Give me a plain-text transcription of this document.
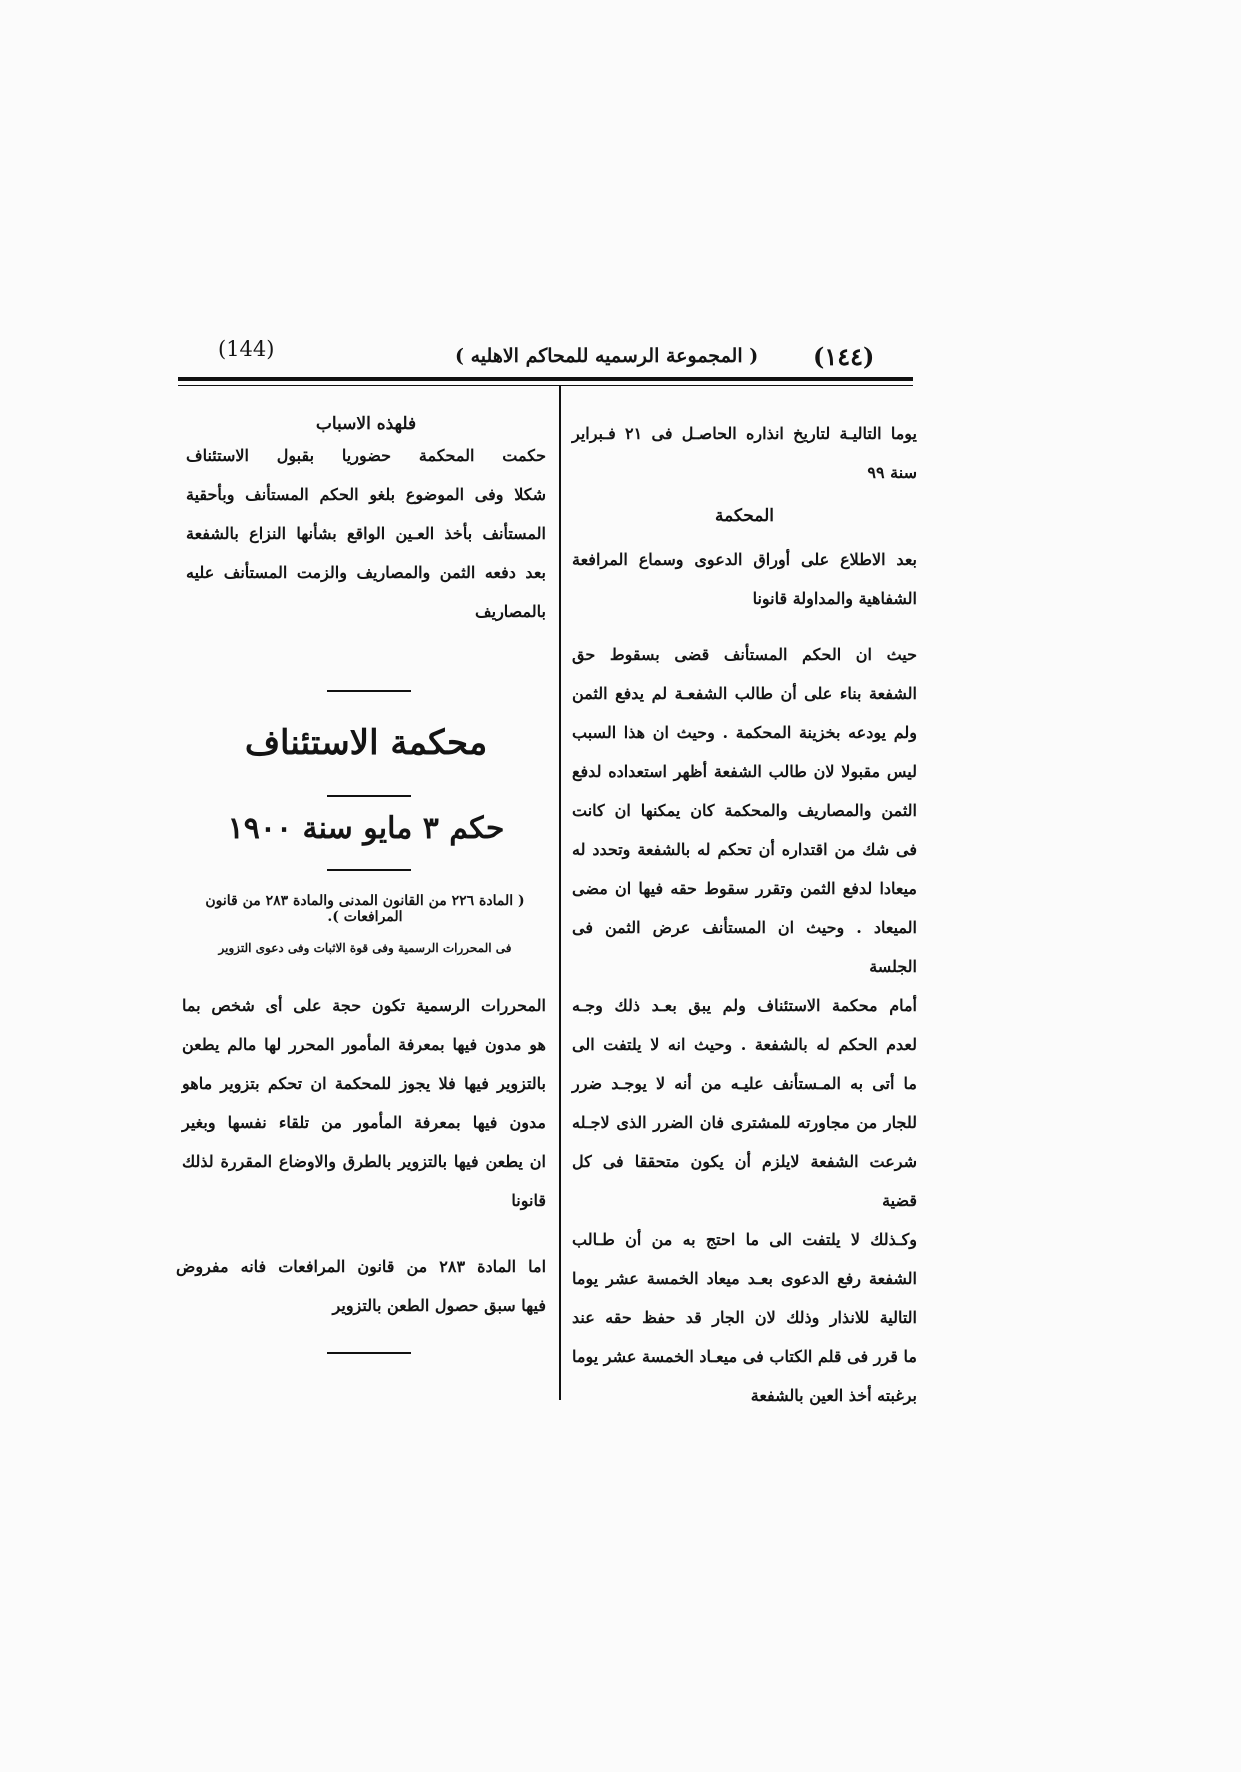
(144)	( المجموعة الرسميه للمحاكم الاهليه ) (١٤٤)
يوما التاليـة لتاريخ انذاره الحاصـل فى ٢١ فـبراير
سنة ٩٩
المحكمة
بعد الاطلاع على أوراق الدعوى وسماع المرافعة
الشفاهية والمداولة قانونا
حيث ان الحكم المستأنف قضى بسقوط حق
الشفعة بناء على أن طالب الشفعـة لم يدفع الثمن
ولم يودعه بخزينة المحكمة . وحيث ان هذا السبب
ليس مقبولا لان طالب الشفعة أظهر استعداده لدفع
الثمن والمصاريف والمحكمة كان يمكنها ان كانت
فى شك من اقتداره أن تحكم له بالشفعة وتحدد له
ميعادا لدفع الثمن وتقرر سقوط حقه فيها ان مضى
الميعاد . وحيث ان المستأنف عرض الثمن فى الجلسة
أمام محكمة الاستئناف ولم يبق بعـد ذلك وجـه
لعدم الحكم له بالشفعة . وحيث انه لا يلتفت الى
ما أتى به المـستأنف عليـه من أنه لا يوجـد ضرر
للجار من مجاورته للمشترى فان الضرر الذى لاجـله
شرعت الشفعة لايلزم أن يكون متحققا فى كل قضية
وكـذلك لا يلتفت الى ما احتج به من أن طـالب
الشفعة رفع الدعوى بعـد ميعاد الخمسة عشر يوما
التالية للانذار وذلك لان الجار قد حفظ حقه عند
ما قرر فى قلم الكتاب فى ميعـاد الخمسة عشر يوما
برغبته أخذ العين بالشفعة
فلهذه الاسباب
حكمت المحكمة حضوريا بقبول الاستئناف
شكلا وفى الموضوع بلغو الحكم المستأنف وبأحقية
المستأنف بأخذ العـين الواقع بشأنها النزاع بالشفعة
بعد دفعه الثمن والمصاريف والزمت المستأنف عليه
بالمصاريف
محكمة الاستئناف
حكم ٣ مايو سنة ١٩٠٠
( المادة ٢٢٦ من القانون المدنى والمادة ٢٨٣ من قانون المرافعات ).
فى المحررات الرسمية وفى قوة الاثبات وفى دعوى التزوير
المحررات الرسمية تكون حجة على أى شخص بما
هو مدون فيها بمعرفة المأمور المحرر لها مالم يطعن
بالتزوير فيها فلا يجوز للمحكمة ان تحكم بتزوير ماهو
مدون فيها بمعرفة المأمور من تلقاء نفسها وبغير
ان يطعن فيها بالتزوير بالطرق والاوضاع المقررة لذلك
قانونا
اما المادة ٢٨٣ من قانون المرافعات فانه مفروض
فيها سبق حصول الطعن بالتزوير
